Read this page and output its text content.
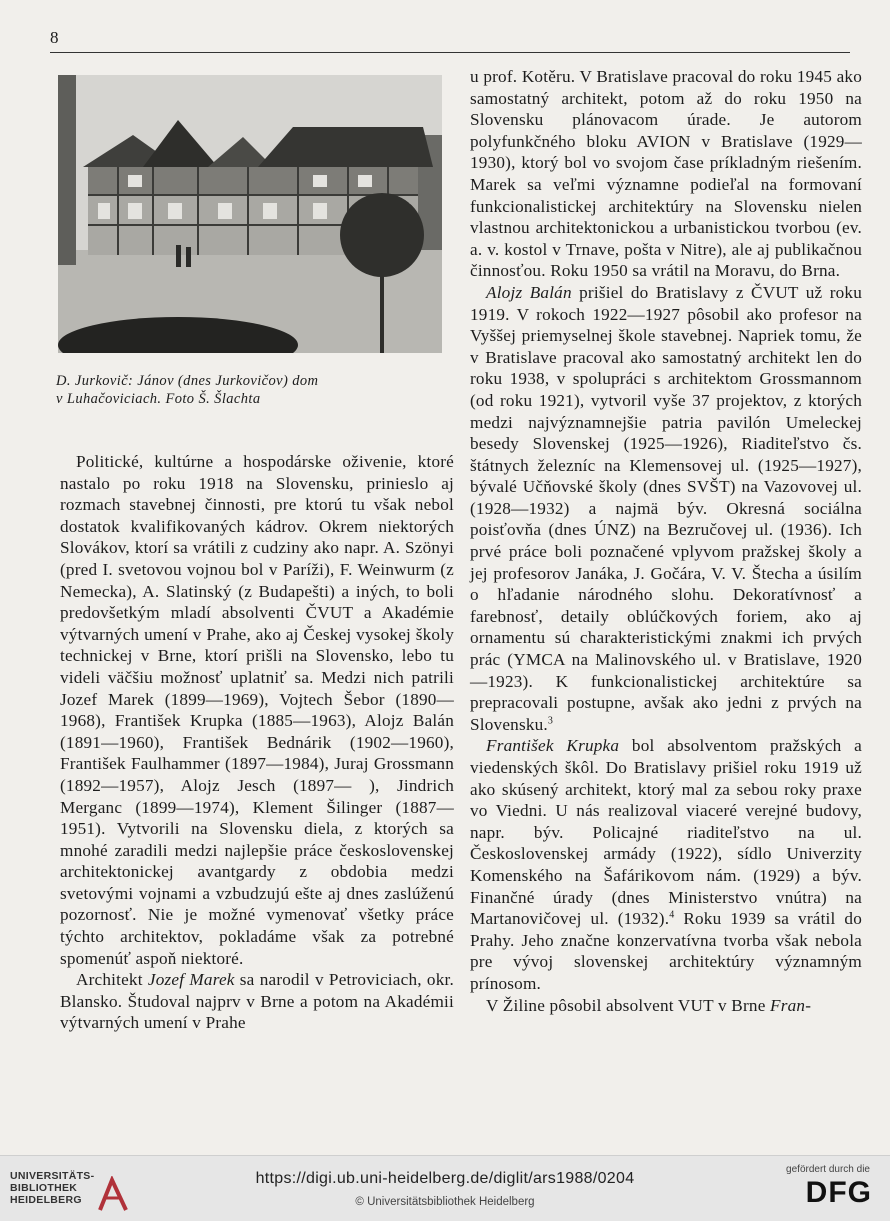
8
D. Jurkovič: Jánov (dnes Jurkovičov) dom
v Luhačoviciach. Foto Š. Šlachta

Politické, kultúrne a hospodárske oživenie, ktoré nastalo po roku 1918 na Slovensku, prinieslo aj rozmach stavebnej činnosti, pre ktorú tu však nebol dostatok kvalifikovaných kádrov. Okrem niektorých Slovákov, ktorí sa vrátili z cudziny ako napr. A. Szönyi (pred I. svetovou vojnou bol v Paríži), F. Weinwurm (z Nemecka), A. Slatinský (z Budapešti) a iných, to boli predovšetkým mladí absolventi ČVUT a Akadémie výtvarných umení v Prahe, ako aj Českej vysokej školy technickej v Brne, ktorí prišli na Slovensko, lebo tu videli väčšiu možnosť uplatniť sa. Medzi nich patrili Jozef Marek (1899—1969), Vojtech Šebor (1890—1968), František Krupka (1885—1963), Alojz Balán (1891—1960), František Bednárik (1902—1960), František Faulhammer (1897—1984), Juraj Grossmann (1892—1957), Alojz Jesch (1897— ), Jindrich Merganc (1899—1974), Klement Šilinger (1887—1951). Vytvorili na Slovensku diela, z ktorých sa mnohé zaradili medzi najlepšie práce československej architektonickej avantgardy z obdobia medzi svetovými vojnami a vzbudzujú ešte aj dnes zaslúženú pozornosť. Nie je možné vymenovať všetky práce týchto architektov, pokladáme však za potrebné spomenúť aspoň niektoré.

Architekt Jozef Marek sa narodil v Petroviciach, okr. Blansko. Študoval najprv v Brne a potom na Akadémii výtvarných umení v Prahe

u prof. Kotěru. V Bratislave pracoval do roku 1945 ako samostatný architekt, potom až do roku 1950 na Slovensku plánovacom úrade. Je autorom polyfunkčného bloku AVION v Bratislave (1929—1930), ktorý bol vo svojom čase príkladným riešením. Marek sa veľmi významne podieľal na formovaní funkcionalistickej architektúry na Slovensku nielen vlastnou architektonickou a urbanistickou tvorbou (ev. a. v. kostol v Trnave, pošta v Nitre), ale aj publikačnou činnosťou. Roku 1950 sa vrátil na Moravu, do Brna.

Alojz Balán prišiel do Bratislavy z ČVUT už roku 1919. V rokoch 1922—1927 pôsobil ako profesor na Vyššej priemyselnej škole stavebnej. Napriek tomu, že v Bratislave pracoval ako samostatný architekt len do roku 1938, v spolupráci s architektom Grossmannom (od roku 1921), vytvoril vyše 37 projektov, z ktorých medzi najvýznamnejšie patria pavilón Umeleckej besedy Slovenskej (1925—1926), Riaditeľstvo čs. štátnych železníc na Klemensovej ul. (1925—1927), bývalé Učňovské školy (dnes SVŠT) na Vazovovej ul. (1928—1932) a najmä býv. Okresná sociálna poisťovňa (dnes ÚNZ) na Bezručovej ul. (1936). Ich prvé práce boli poznačené vplyvom pražskej školy a jej profesorov Janáka, J. Gočára, V. V. Štecha a úsilím o hľadanie národného slohu. Dekoratívnosť a farebnosť, detaily oblúčkových foriem, ako aj ornamentu sú charakteristickými znakmi ich prvých prác (YMCA na Malinovského ul. v Bratislave, 1920—1923). K funkcionalistickej architektúre sa prepracovali postupne, avšak ako jedni z prvých na Slovensku.$^3$

František Krupka bol absolventom pražských a viedenských škôl. Do Bratislavy prišiel roku 1919 už ako skúsený architekt, ktorý mal za sebou roky praxe vo Viedni. U nás realizoval viaceré verejné budovy, napr. býv. Policajné riaditeľstvo na ul. Československej armády (1922), sídlo Univerzity Komenského na Šafárikovom nám. (1929) a býv. Finančné úrady (dnes Ministerstvo vnútra) na Martanovičovej ul. (1932).$^4$ Roku 1939 sa vrátil do Prahy. Jeho značne konzervatívna tvorba však nebola pre vývoj slovenskej architektúry významným prínosom.

V Žiline pôsobil absolvent VUT v Brne Fran-

UNIVERSITÄTS-
BIBLIOTHEK
HEIDELBERG
https://digi.ub.uni-heidelberg.de/diglit/ars1988/0204
© Universitätsbibliothek Heidelberg
gefördert durch die
DFG
